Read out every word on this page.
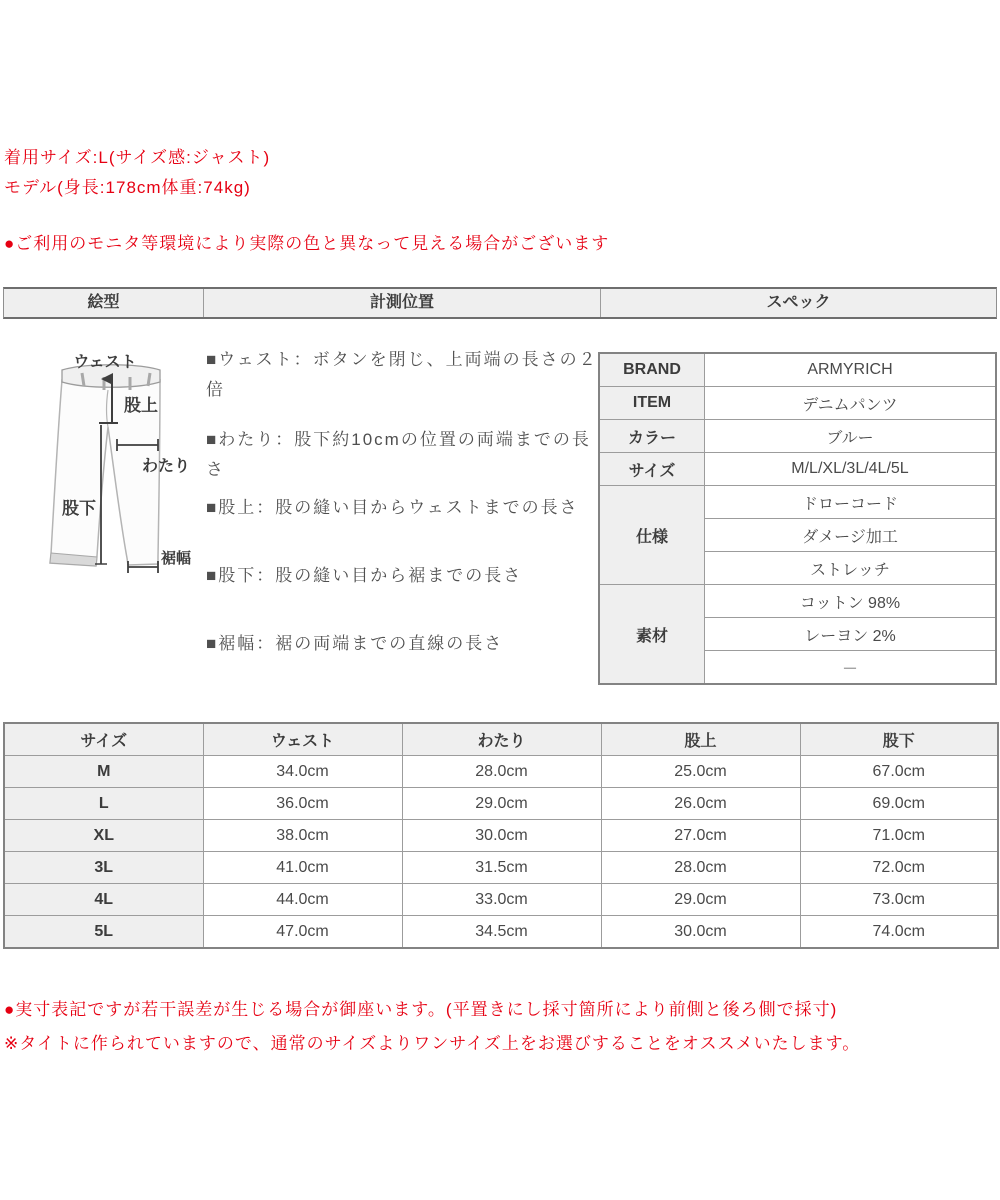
着用サイズ:L(サイズ感:ジャスト)
モデル(身長:178cm体重:74kg)
●ご利用のモニタ等環境により実際の色と異なって見える場合がございます
絵型	計測位置	スペック
ウェスト
股上
わたり
股下
裾幅

■ウェスト：ボタンを閉じ、上両端の長さの２倍

■わたり：股下約10cmの位置の両端までの長さ

■股上：股の縫い目からウェストまでの長さ

■股下：股の縫い目から裾までの長さ

■裾幅：裾の両端までの直線の長さ

BRAND	ARMYRICH
ITEM	デニムパンツ
カラー	ブルー
サイズ	M/L/XL/3L/4L/5L
仕様	ドローコード
	ダメージ加工
	ストレッチ
素材	コットン 98%
	レーヨン 2%
	－
サイズ	ウェスト	わたり	股上	股下
M	34.0cm	28.0cm	25.0cm	67.0cm
L	36.0cm	29.0cm	26.0cm	69.0cm
XL	38.0cm	30.0cm	27.0cm	71.0cm
3L	41.0cm	31.5cm	28.0cm	72.0cm
4L	44.0cm	33.0cm	29.0cm	73.0cm
5L	47.0cm	34.5cm	30.0cm	74.0cm
●実寸表記ですが若干誤差が生じる場合が御座います。(平置きにし採寸箇所により前側と後ろ側で採寸)
※タイトに作られていますので、通常のサイズよりワンサイズ上をお選びすることをオススメいたします。
